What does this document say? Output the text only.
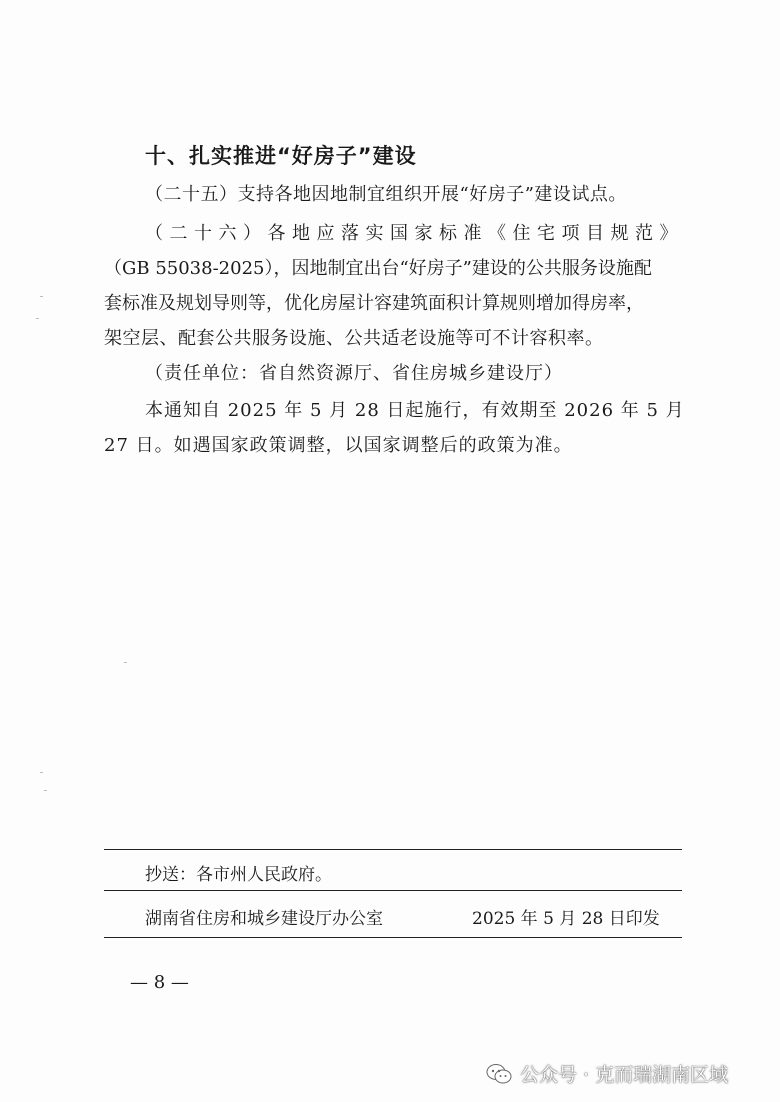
十、扎实推进“好房子”建设
（二十五）支持各地因地制宜组织开展“好房子”建设试点。
（二十六）各地应落实国家标准《住宅项目规范》
（GB 55038-2025），因地制宜出台“好房子”建设的公共服务设施配
套标准及规划导则等，优化房屋计容建筑面积计算规则增加得房率，
架空层、配套公共服务设施、公共适老设施等可不计容积率。
（责任单位：省自然资源厅、省住房城乡建设厅）
本通知自 2025 年 5 月 28 日起施行，有效期至 2026 年 5 月
27 日。如遇国家政策调整，以国家调整后的政策为准。
抄送：各市州人民政府。
湖南省住房和城乡建设厅办公室	2025 年 5 月 28 日印发
— 8 —
公众号 · 克而瑞湖南区域
